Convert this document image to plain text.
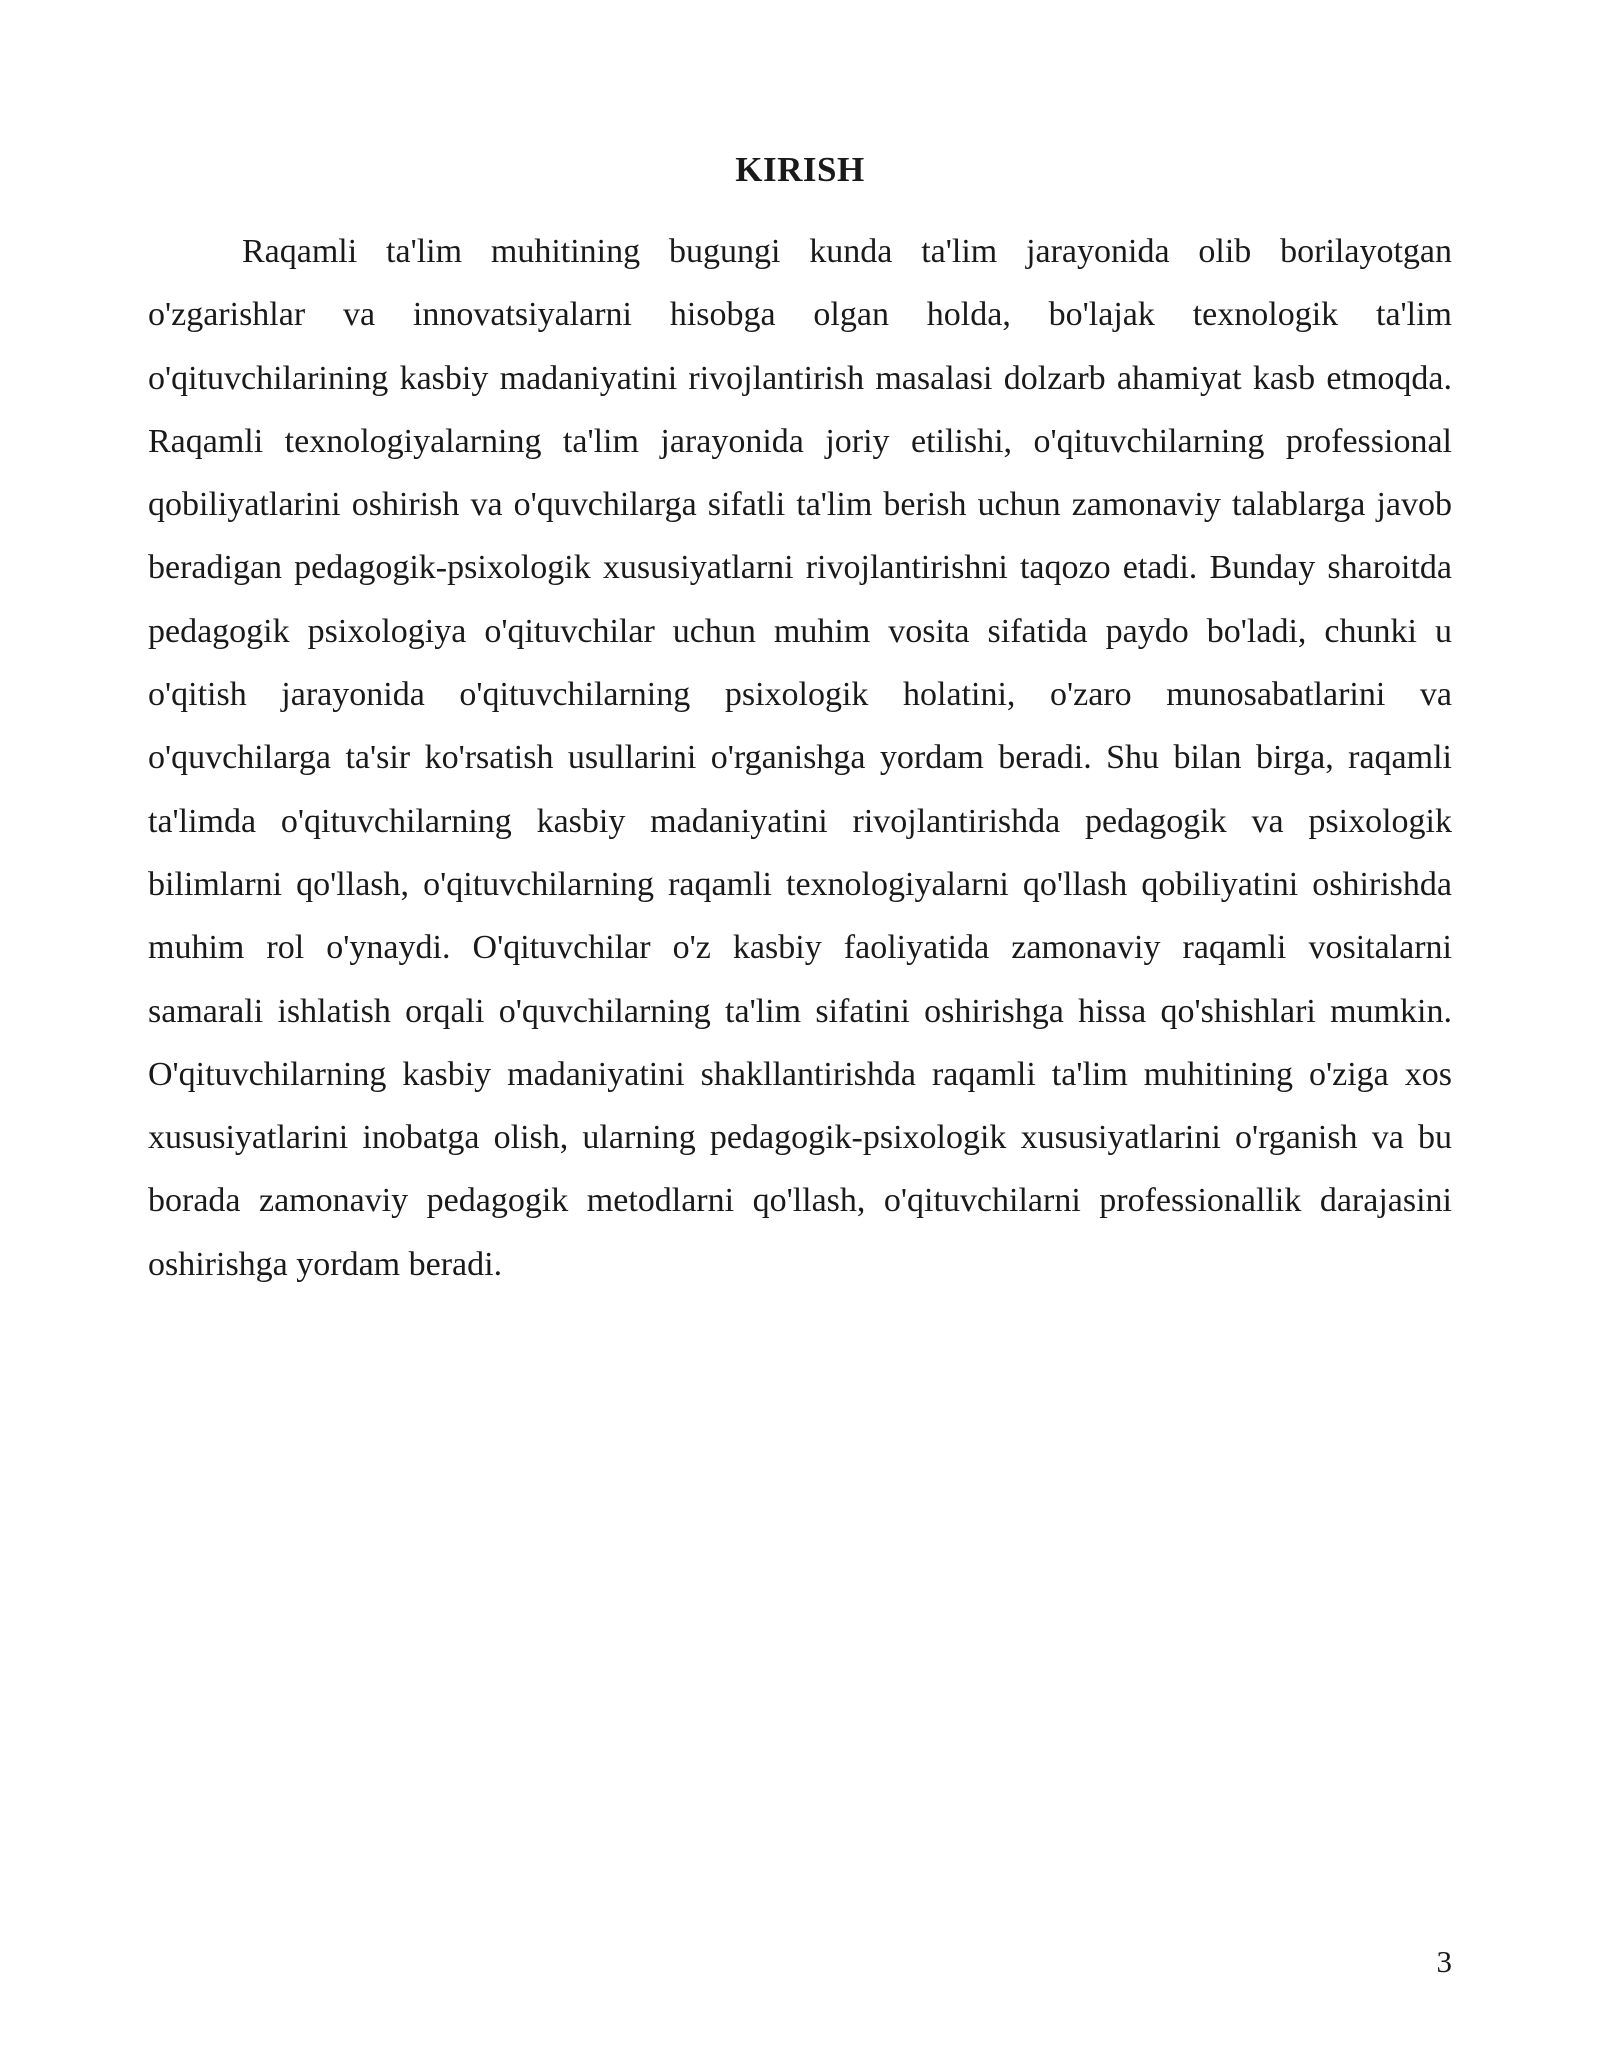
KIRISH

Raqamli ta'lim muhitining bugungi kunda ta'lim jarayonida olib borilayotgan o'zgarishlar va innovatsiyalarni hisobga olgan holda, bo'lajak texnologik ta'lim o'qituvchilarining kasbiy madaniyatini rivojlantirish masalasi dolzarb ahamiyat kasb etmoqda. Raqamli texnologiyalarning ta'lim jarayonida joriy etilishi, o'qituvchilarning professional qobiliyatlarini oshirish va o'quvchilarga sifatli ta'lim berish uchun zamonaviy talablarga javob beradigan pedagogik-psixologik xususiyatlarni rivojlantirishni taqozo etadi. Bunday sharoitda pedagogik psixologiya o'qituvchilar uchun muhim vosita sifatida paydo bo'ladi, chunki u o'qitish jarayonida o'qituvchilarning psixologik holatini, o'zaro munosabatlarini va o'quvchilarga ta'sir ko'rsatish usullarini o'rganishga yordam beradi. Shu bilan birga, raqamli ta'limda o'qituvchilarning kasbiy madaniyatini rivojlantirishda pedagogik va psixologik bilimlarni qo'llash, o'qituvchilarning raqamli texnologiyalarni qo'llash qobiliyatini oshirishda muhim rol o'ynaydi. O'qituvchilar o'z kasbiy faoliyatida zamonaviy raqamli vositalarni samarali ishlatish orqali o'quvchilarning ta'lim sifatini oshirishga hissa qo'shishlari mumkin. O'qituvchilarning kasbiy madaniyatini shakllantirishda raqamli ta'lim muhitining o'ziga xos xususiyatlarini inobatga olish, ularning pedagogik-psixologik xususiyatlarini o'rganish va bu borada zamonaviy pedagogik metodlarni qo'llash, o'qituvchilarni professionallik darajasini oshirishga yordam beradi.

3
